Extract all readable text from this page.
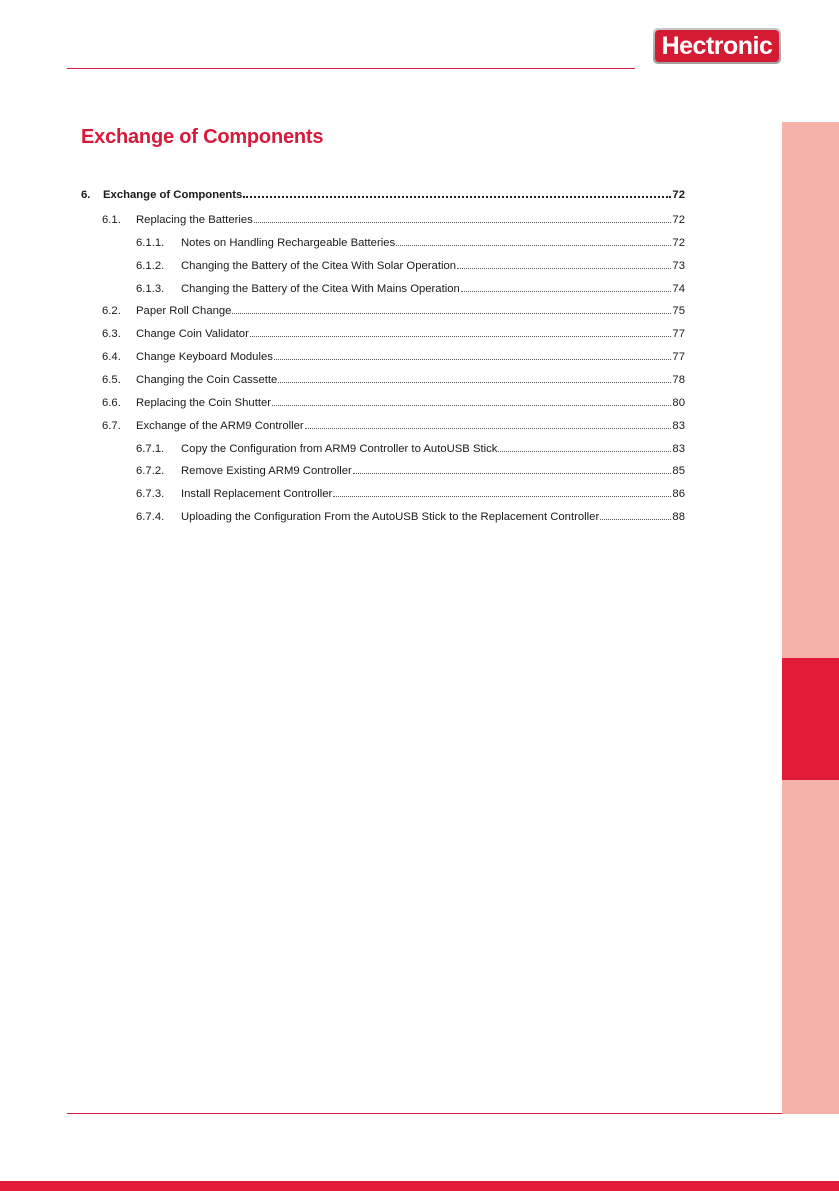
Hec tronic
Exchange of Components
6.	Exchange of Components	72
6.1.	Replacing the Batteries	72
6.1.1.	Notes on Handling Rechargeable Batteries	72
6.1.2.	Changing the Battery of the Citea With Solar Operation	73
6.1.3.	Changing the Battery of the Citea With Mains Operation	74
6.2.	Paper Roll Change	75
6.3.	Change Coin Validator	77
6.4.	Change Keyboard Modules	77
6.5.	Changing the Coin Cassette	78
6.6.	Replacing the Coin Shutter	80
6.7.	Exchange of the ARM9 Controller	83
6.7.1.	Copy the Configuration from ARM9 Controller to AutoUSB Stick	83
6.7.2.	Remove Existing ARM9 Controller	85
6.7.3.	Install Replacement Controller	86
6.7.4.	Uploading the Configuration From the AutoUSB Stick to the Replacement Controller	88
